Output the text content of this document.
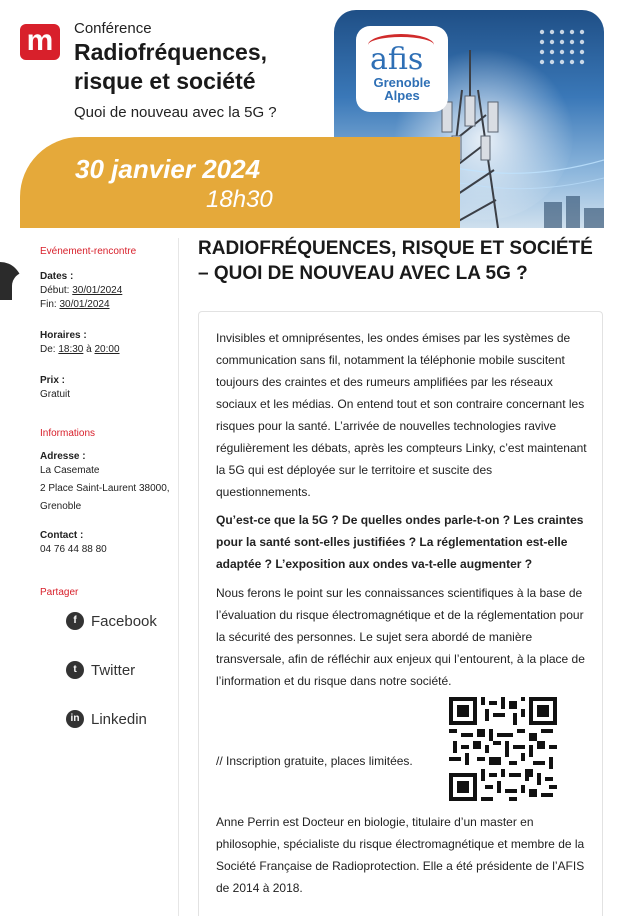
m	Conférence
Radiofréquences, risque et société
Quoi de nouveau avec la 5G ?
afis
Grenoble Alpes
30 janvier 2024
18h30
Evénement-rencontre
Dates :
Début: 30/01/2024
Fin: 30/01/2024
Horaires :
De: 18:30 à 20:00
Prix :
Gratuit
Informations
Adresse :
La Casemate
2 Place Saint-Laurent 38000,
Grenoble
Contact :
04 76 44 88 80
Partager
f Facebook
t Twitter
in Linkedin
RADIOFRÉQUENCES, RISQUE ET SOCIÉTÉ – QUOI DE NOUVEAU AVEC LA 5G ?
Invisibles et omniprésentes, les ondes émises par les systèmes de communication sans fil, notamment la téléphonie mobile suscitent toujours des craintes et des rumeurs amplifiées par les réseaux sociaux et les médias. On entend tout et son contraire concernant les risques pour la santé. L’arrivée de nouvelles technologies ravive régulièrement les débats, après les compteurs Linky, c’est maintenant la 5G qui est déployée sur le territoire et suscite des questionnements.
Qu’est-ce que la 5G ? De quelles ondes parle-t-on ? Les craintes pour la santé sont-elles justifiées ? La réglementation est-elle adaptée ? L’exposition aux ondes va-t-elle augmenter ?
Nous ferons le point sur les connaissances scientifiques à la base de l’évaluation du risque électromagnétique et de la réglementation pour la sécurité des personnes. Le sujet sera abordé de manière transversale, afin de réfléchir aux enjeux qui l’entourent, à la place de l’information et du risque dans notre société.
// Inscription gratuite, places limitées.
Anne Perrin est Docteur en biologie, titulaire d’un master en philosophie, spécialiste du risque électromagnétique et membre de la Société Française de Radioprotection. Elle a été présidente de l’AFIS de 2014 à 2018.
